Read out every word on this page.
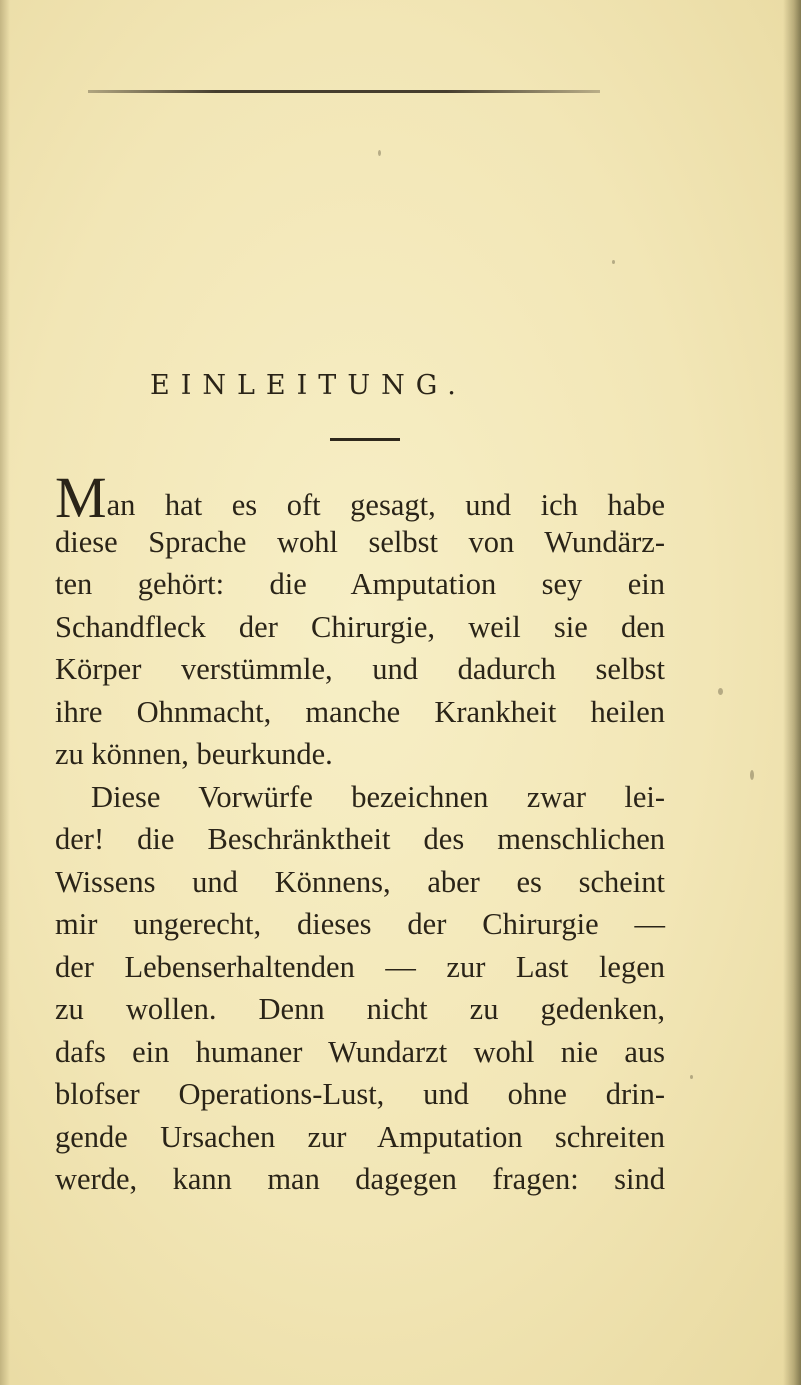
EINLEITUNG.
Man hat es oft gesagt, und ich habe
diese Sprache wohl selbst von Wundärz-
ten gehört: die Amputation sey ein
Schandfleck der Chirurgie, weil sie den
Körper verstümmle, und dadurch selbst
ihre Ohnmacht, manche Krankheit heilen
zu können, beurkunde.
Diese Vorwürfe bezeichnen zwar lei-
der! die Beschränktheit des menschlichen
Wissens und Könnens, aber es scheint
mir ungerecht, dieses der Chirurgie —
der Lebenserhaltenden — zur Last legen
zu wollen. Denn nicht zu gedenken,
dafs ein humaner Wundarzt wohl nie aus
blofser Operations-Lust, und ohne drin-
gende Ursachen zur Amputation schreiten
werde, kann man dagegen fragen: sind
